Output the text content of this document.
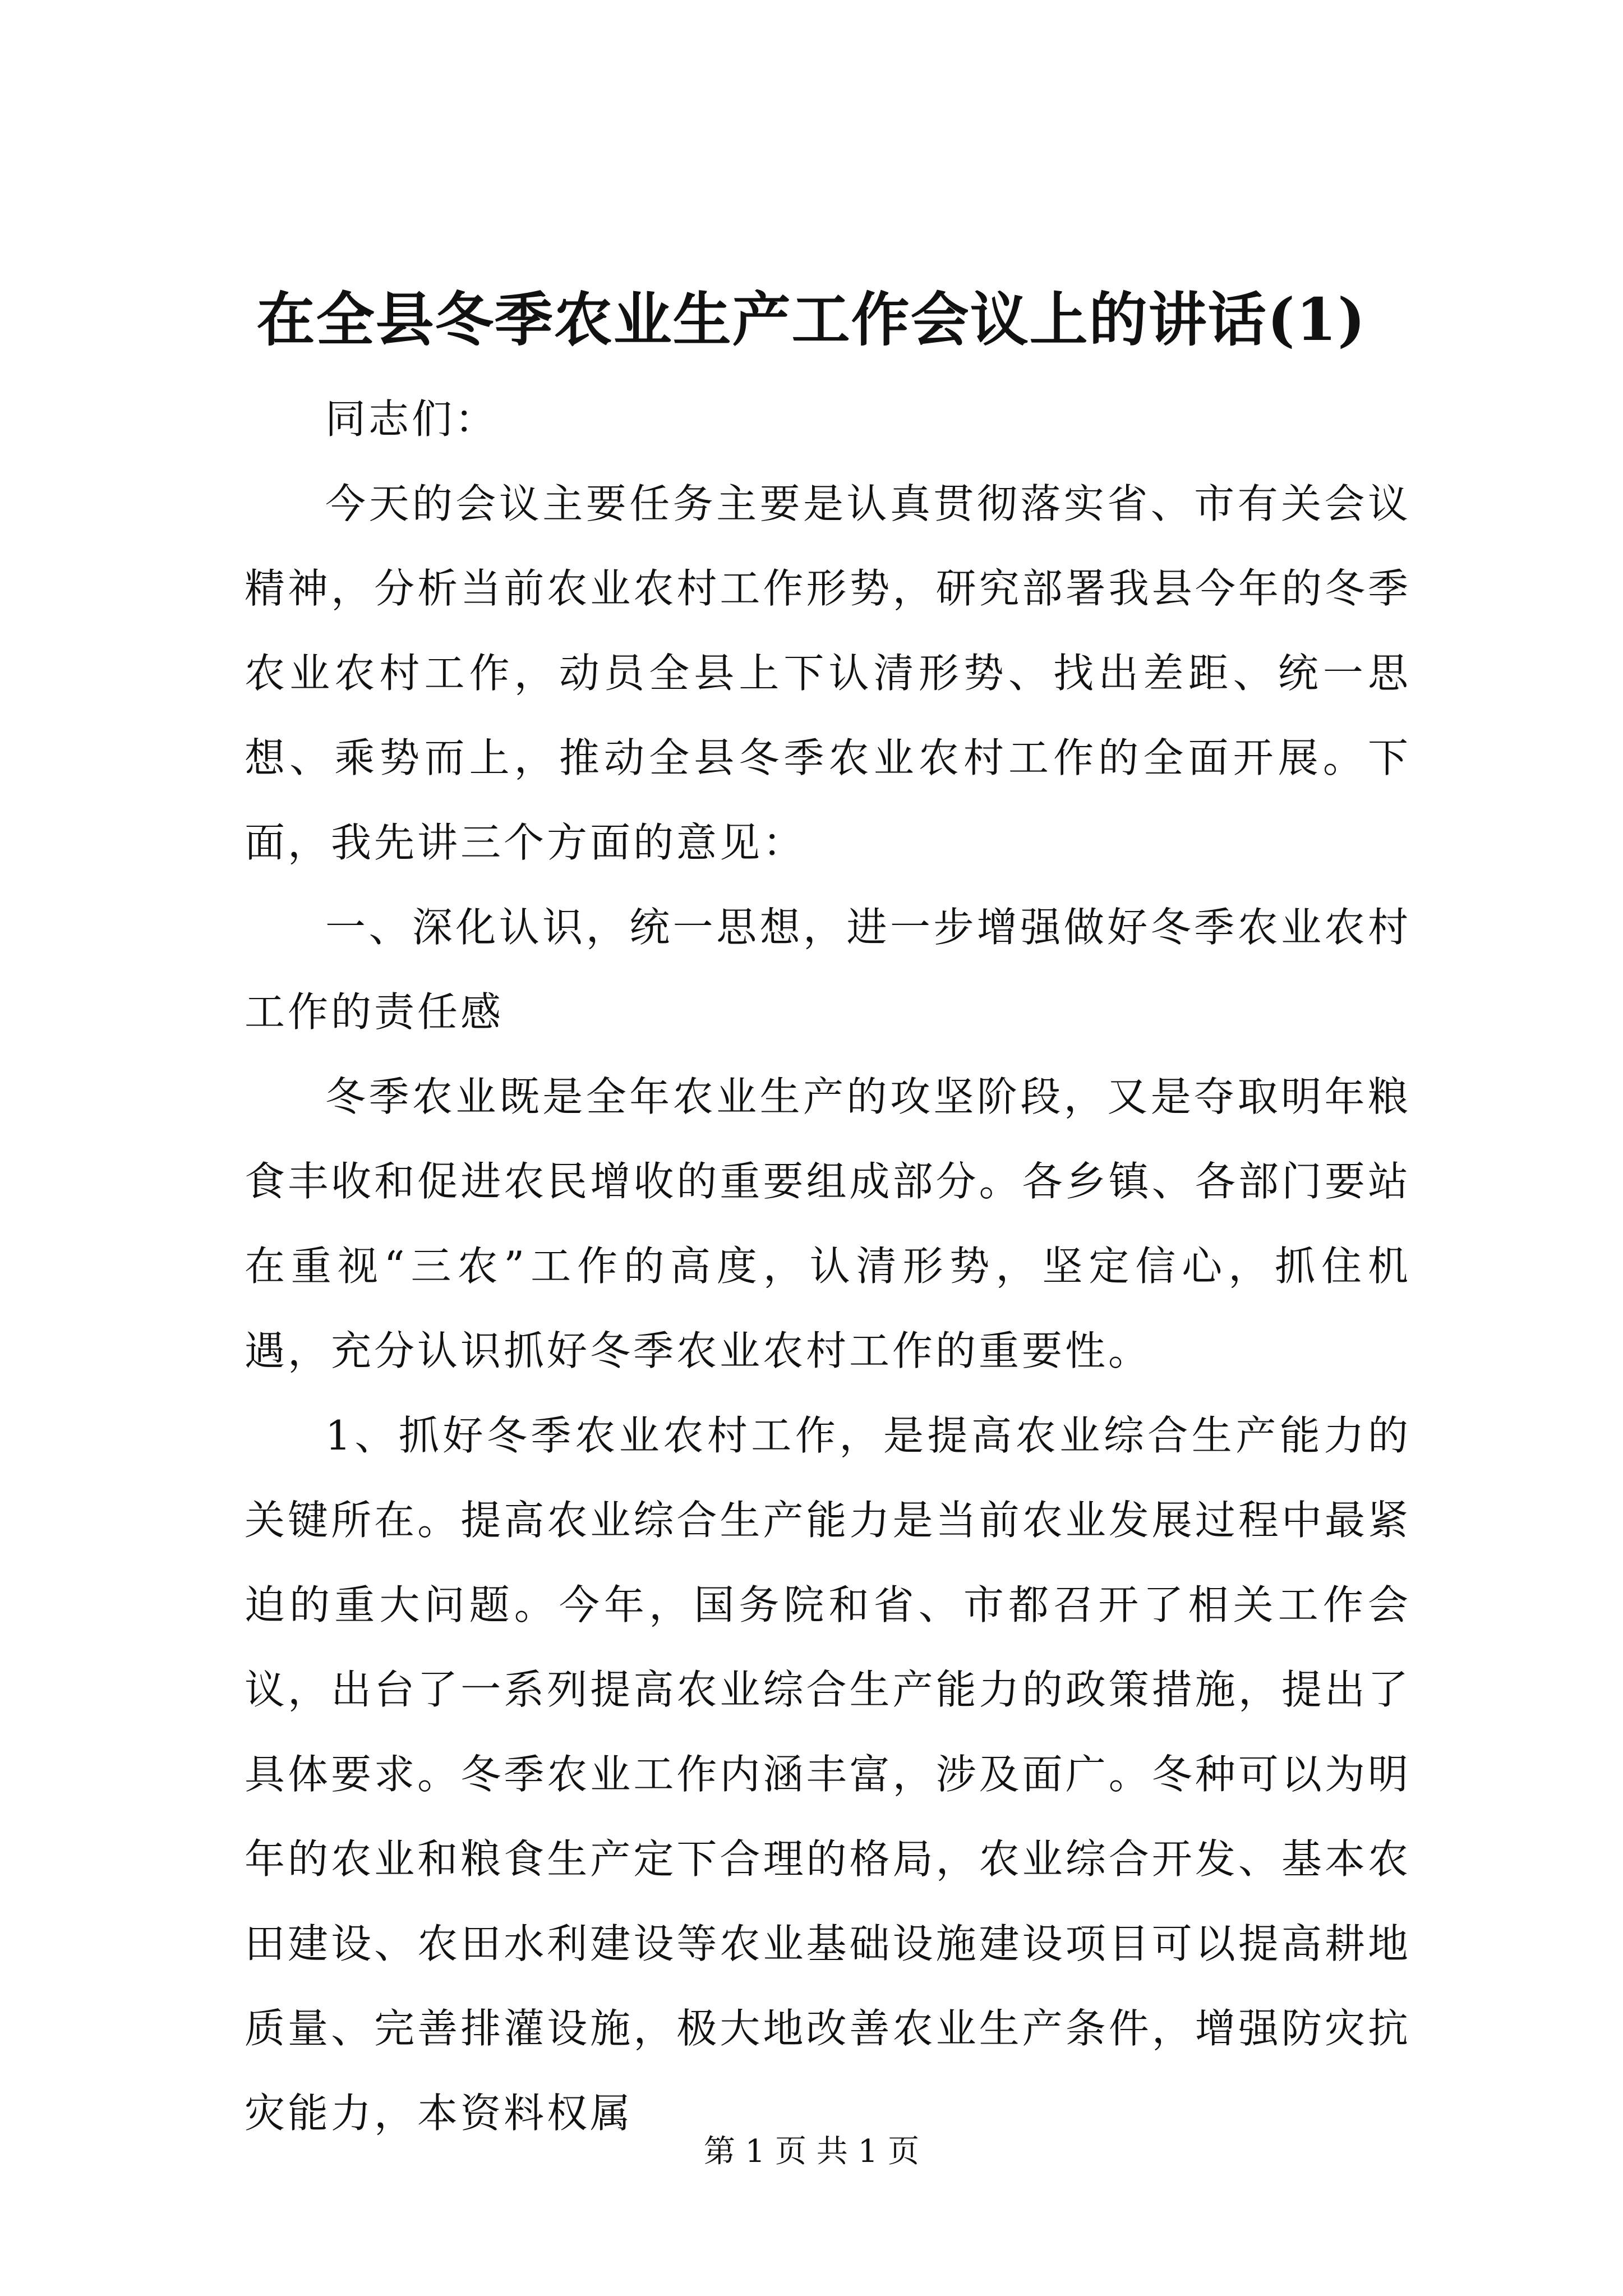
在全县冬季农业生产工作会议上的讲话(1)

同志们：

今天的会议主要任务主要是认真贯彻落实省、市有关会议精神，分析当前农业农村工作形势，研究部署我县今年的冬季农业农村工作，动员全县上下认清形势、找出差距、统一思想、乘势而上，推动全县冬季农业农村工作的全面开展。下面，我先讲三个方面的意见：

一、深化认识，统一思想，进一步增强做好冬季农业农村工作的责任感

冬季农业既是全年农业生产的攻坚阶段，又是夺取明年粮食丰收和促进农民增收的重要组成部分。各乡镇、各部门要站在重视“三农”工作的高度，认清形势，坚定信心，抓住机遇，充分认识抓好冬季农业农村工作的重要性。

1、抓好冬季农业农村工作，是提高农业综合生产能力的关键所在。提高农业综合生产能力是当前农业发展过程中最紧迫的重大问题。今年，国务院和省、市都召开了相关工作会议，出台了一系列提高农业综合生产能力的政策措施，提出了具体要求。冬季农业工作内涵丰富，涉及面广。冬种可以为明年的农业和粮食生产定下合理的格局，农业综合开发、基本农田建设、农田水利建设等农业基础设施建设项目可以提高耕地质量、完善排灌设施，极大地改善农业生产条件，增强防灾抗灾能力，本资料权属

第 1 页 共 1 页
